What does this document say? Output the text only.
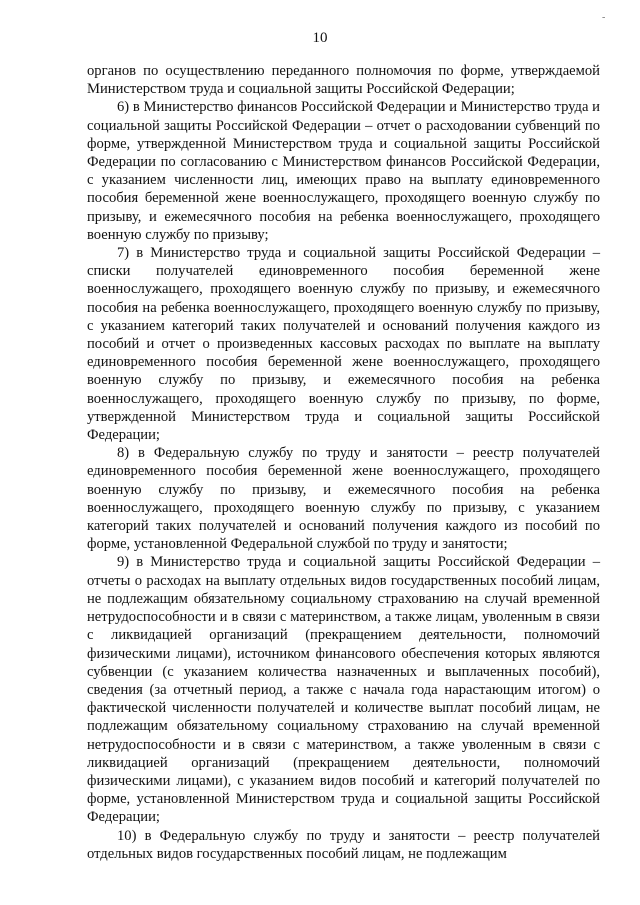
10
-

органов по осуществлению переданного полномочия по форме, утверждаемой Министерством труда и социальной защиты Российской Федерации;

6) в Министерство финансов Российской Федерации и Министерство труда и социальной защиты Российской Федерации – отчет о расходовании субвенций по форме, утвержденной Министерством труда и социальной защиты Российской Федерации по согласованию с Министерством финансов Российской Федерации, с указанием численности лиц, имеющих право на выплату единовременного пособия беременной жене военнослужащего, проходящего военную службу по призыву, и ежемесячного пособия на ребенка военнослужащего, проходящего военную службу по призыву;

7) в Министерство труда и социальной защиты Российской Федерации – списки получателей единовременного пособия беременной жене военнослужащего, проходящего военную службу по призыву, и ежемесячного пособия на ребенка военнослужащего, проходящего военную службу по призыву, с указанием категорий таких получателей и оснований получения каждого из пособий и отчет о произведенных кассовых расходах по выплате на выплату единовременного пособия беременной жене военнослужащего, проходящего военную службу по призыву, и ежемесячного пособия на ребенка военнослужащего, проходящего военную службу по призыву, по форме, утвержденной Министерством труда и социальной защиты Российской Федерации;

8) в Федеральную службу по труду и занятости – реестр получателей единовременного пособия беременной жене военнослужащего, проходящего военную службу по призыву, и ежемесячного пособия на ребенка военнослужащего, проходящего военную службу по призыву, с указанием категорий таких получателей и оснований получения каждого из пособий по форме, установленной Федеральной службой по труду и занятости;

9) в Министерство труда и социальной защиты Российской Федерации – отчеты о расходах на выплату отдельных видов государственных пособий лицам, не подлежащим обязательному социальному страхованию на случай временной нетрудоспособности и в связи с материнством, а также лицам, уволенным в связи с ликвидацией организаций (прекращением деятельности, полномочий физическими лицами), источником финансового обеспечения которых являются субвенции (с указанием количества назначенных и выплаченных пособий), сведения (за отчетный период, а также с начала года нарастающим итогом) о фактической численности получателей и количестве выплат пособий лицам, не подлежащим обязательному социальному страхованию на случай временной нетрудоспособности и в связи с материнством, а также уволенным в связи с ликвидацией организаций (прекращением деятельности, полномочий физическими лицами), с указанием видов пособий и категорий получателей по форме, установленной Министерством труда и социальной защиты Российской Федерации;

10) в Федеральную службу по труду и занятости – реестр получателей отдельных видов государственных пособий лицам, не подлежащим
